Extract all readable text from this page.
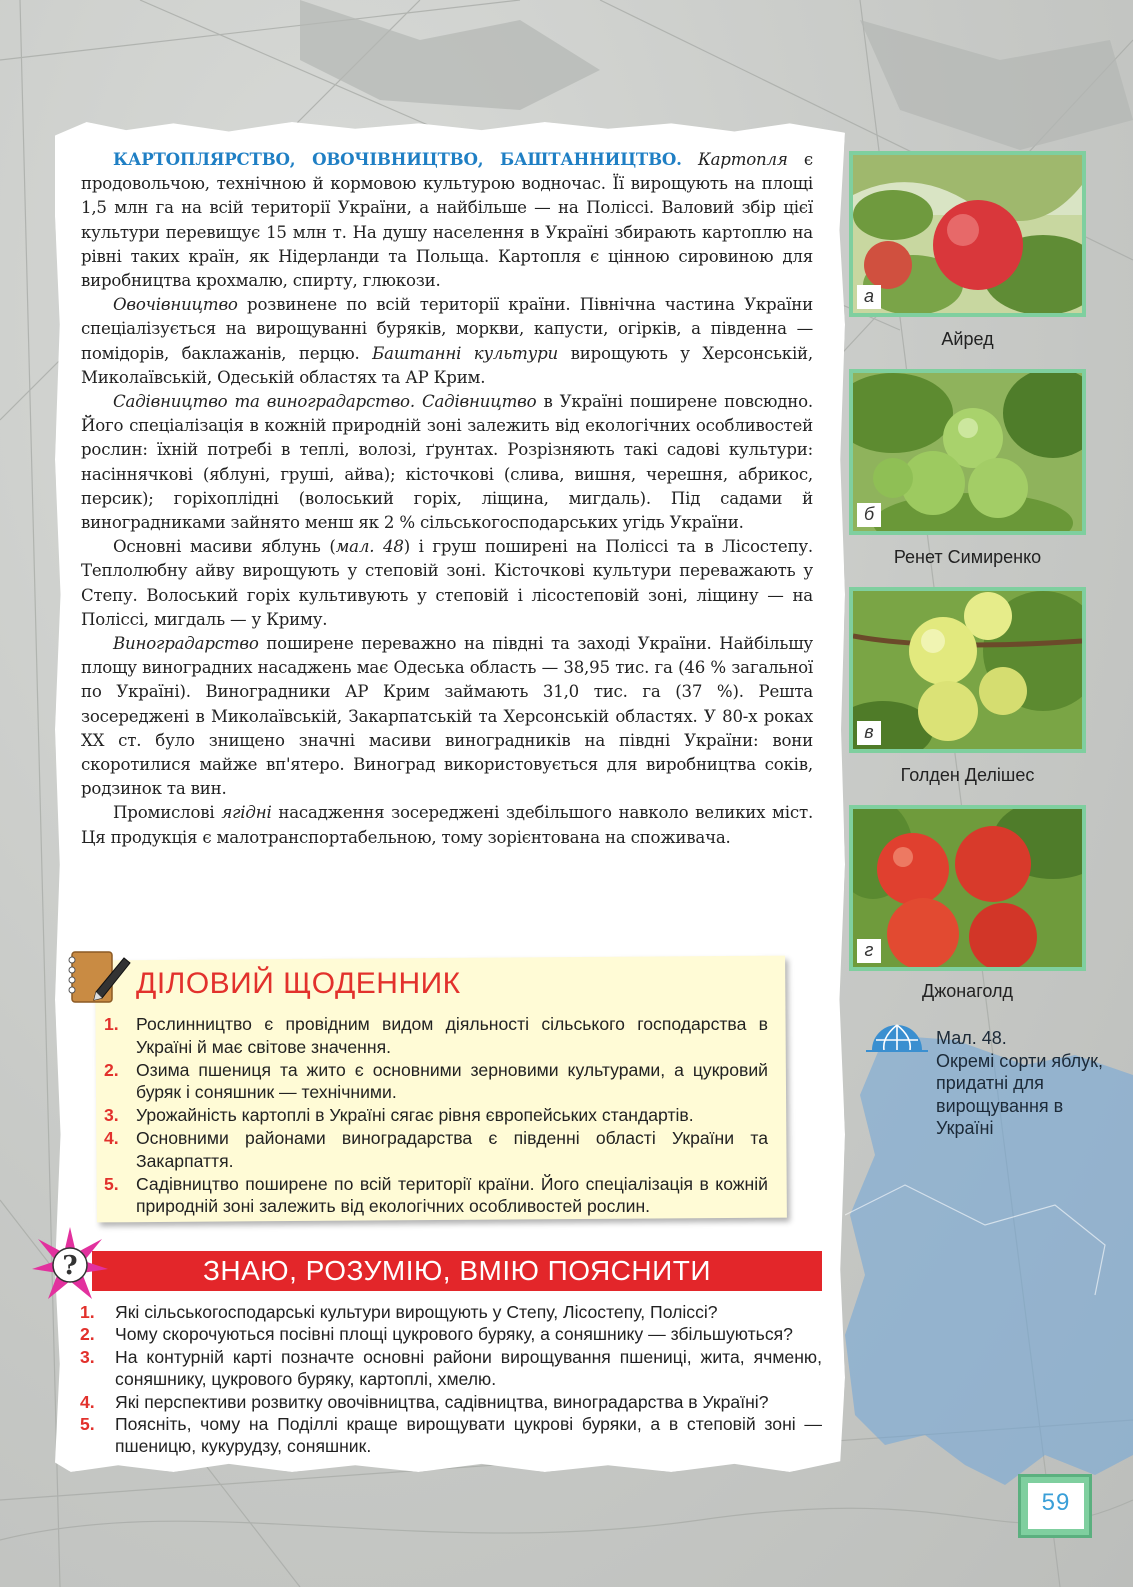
КАРТОПЛЯРСТВО, ОВОЧІВНИЦТВО, БАШТАННИЦТВО. Картопля є продовольчою, технічною й кормовою культурою водночас. Її вирощують на площі 1,5 млн га на всій території України, а найбільше — на Поліссі. Валовий збір цієї культури перевищує 15 млн т. На душу населення в Україні збирають картоплю на рівні таких країн, як Нідерланди та Польща. Картопля є цінною сировиною для виробництва крохмалю, спирту, глюкози.

Овочівництво розвинене по всій території країни. Північна частина України спеціалізується на вирощуванні буряків, моркви, капусти, огірків, а південна — помідорів, баклажанів, перцю. Баштанні культури вирощують у Херсонській, Миколаївській, Одеській областях та АР Крим.

Садівництво та виноградарство. Садівництво в Україні поширене повсюдно. Його спеціалізація в кожній природній зоні залежить від екологічних особливостей рослин: їхній потребі в теплі, волозі, ґрунтах. Розрізняють такі садові культури: насіннячкові (яблуні, груші, айва); кісточкові (слива, вишня, черешня, абрикос, персик); горіхоплідні (волоський горіх, ліщина, мигдаль). Під садами й виноградниками зайнято менш як 2 % сільськогосподарських угідь України.

Основні масиви яблунь (мал. 48) і груш поширені на Поліссі та в Лісостепу. Теплолюбну айву вирощують у степовій зоні. Кісточкові культури переважають у Степу. Волоський горіх культивують у степовій і лісостеповій зоні, ліщину — на Поліссі, мигдаль — у Криму.

Виноградарство поширене переважно на півдні та заході України. Найбільшу площу виноградних насаджень має Одеська область — 38,95 тис. га (46 % загальної по Україні). Виноградники АР Крим займають 31,0 тис. га (37 %). Решта зосереджені в Миколаївській, Закарпатській та Херсонській областях. У 80-х роках ХХ ст. було знищено значні масиви виноградників на півдні України: вони скоротилися майже вп'ятеро. Виноград використовується для виробництва соків, родзинок та вин.

Промислові ягідні насадження зосереджені здебільшого навколо великих міст. Ця продукція є малотранспортабельною, тому зорієнтована на споживача.

а
Айред
б
Ренет Симиренко
в
Голден Делішес
г
Джонаголд
Мал. 48.
Окремі сорти яблук, придатні для вирощування в Україні
ДІЛОВИЙ ЩОДЕННИК
1. Рослинництво є провідним видом діяльності сільського господарства в Україні й має світове значення.
2. Озима пшениця та жито є основними зерновими культурами, а цукровий буряк і соняшник — технічними.
3. Урожайність картоплі в Україні сягає рівня європейських стандартів.
4. Основними районами виноградарства є південні області України та Закарпаття.
5. Садівництво поширене по всій території країни. Його спеціалізація в кожній природній зоні залежить від екологічних особливостей рослин.
?	ЗНАЮ, РОЗУМІЮ, ВМІЮ ПОЯСНИТИ
1. Які сільськогосподарські культури вирощують у Степу, Лісостепу, Поліссі?
2. Чому скорочуються посівні площі цукрового буряку, а соняшнику — збільшуються?
3. На контурній карті позначте основні райони вирощування пшениці, жита, ячменю, соняшнику, цукрового буряку, картоплі, хмелю.
4. Які перспективи розвитку овочівництва, садівництва, виноградарства в Україні?
5. Поясніть, чому на Поділлі краще вирощувати цукрові буряки, а в степовій зоні — пшеницю, кукурудзу, соняшник.
59
